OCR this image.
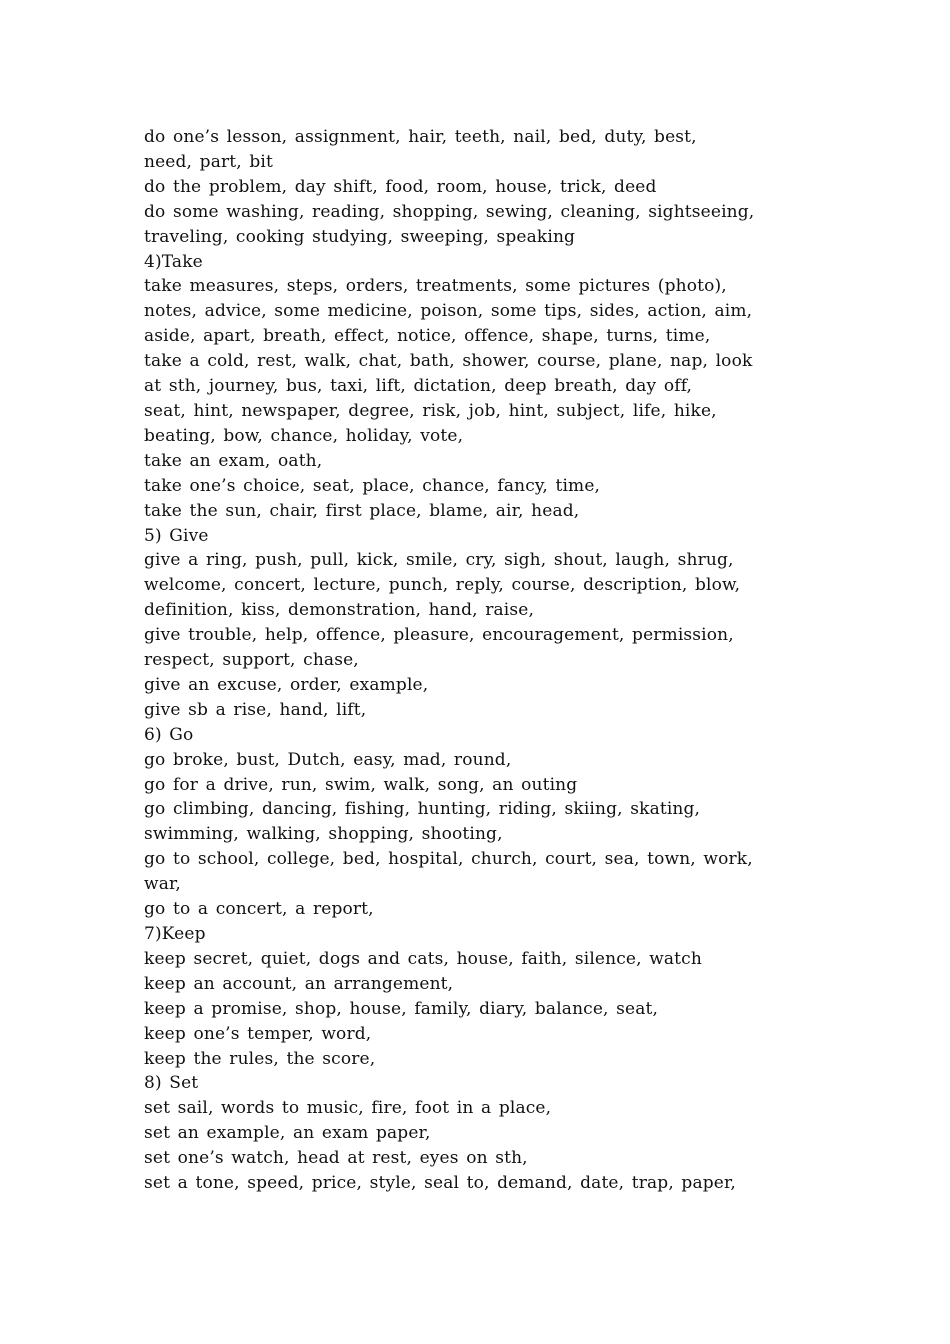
do one’s lesson, assignment, hair, teeth, nail, bed, duty, best,
need, part, bit
do the problem, day shift, food, room, house, trick, deed
do some washing, reading, shopping, sewing, cleaning, sightseeing,
traveling, cooking studying, sweeping, speaking
4)Take
take measures, steps, orders, treatments, some pictures (photo),
notes, advice, some medicine, poison, some tips, sides, action, aim,
aside, apart, breath, effect, notice, offence, shape, turns, time,
take a cold, rest, walk, chat, bath, shower, course, plane, nap, look
at sth, journey, bus, taxi, lift, dictation, deep breath, day off,
seat, hint, newspaper, degree, risk, job, hint, subject, life, hike,
beating, bow, chance, holiday, vote,
take an exam, oath,
take one’s choice, seat, place, chance, fancy, time,
take the sun, chair, first place, blame, air, head,
5) Give
give a ring, push, pull, kick, smile, cry, sigh, shout, laugh, shrug,
welcome, concert, lecture, punch, reply, course, description, blow,
definition, kiss, demonstration, hand, raise,
give trouble, help, offence, pleasure, encouragement, permission,
respect, support, chase,
give an excuse, order, example,
give sb a rise, hand, lift,
6) Go
go broke, bust, Dutch, easy, mad, round,
go for a drive, run, swim, walk, song, an outing
go climbing, dancing, fishing, hunting, riding, skiing, skating,
swimming, walking, shopping, shooting,
go to school, college, bed, hospital, church, court, sea, town, work,
war,
go to a concert, a report,
7)Keep
keep secret, quiet, dogs and cats, house, faith, silence, watch
keep an account, an arrangement,
keep a promise, shop, house, family, diary, balance, seat,
keep one’s temper, word,
keep the rules, the score,
8) Set
set sail, words to music, fire, foot in a place,
set an example, an exam paper,
set one’s watch, head at rest, eyes on sth,
set a tone, speed, price, style, seal to, demand, date, trap, paper,
